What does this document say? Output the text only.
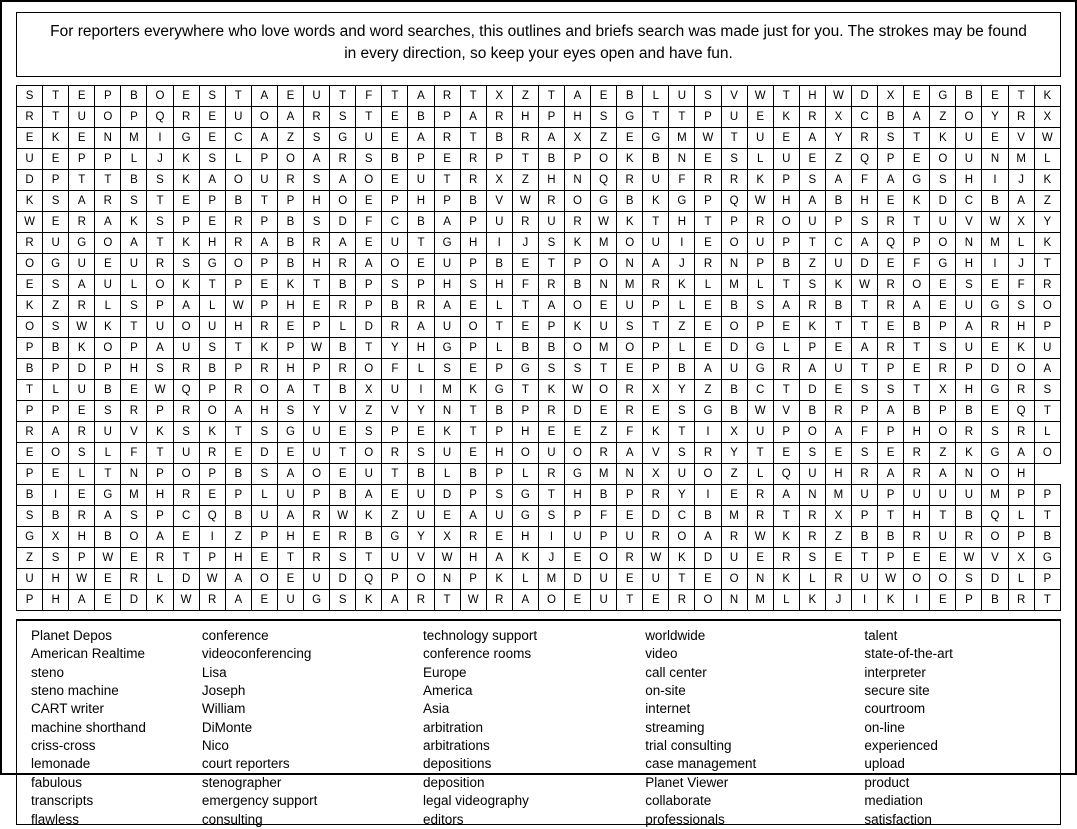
For reporters everywhere who love words and word searches, this outlines and briefs search was made just for you. The strokes may be found in every direction, so keep your eyes open and have fun.
S	T	E	P	B	O	E	S	T	A	E	U	T	F	T	A	R	T	X	Z	T	A	E	B	L	U	S	V	W	T	H	W	D	X	E	G	B	E	T	K
R	T	U	O	P	Q	R	E	U	O	A	R	S	T	E	B	P	A	R	H	P	H	S	G	T	T	P	U	E	K	R	X	C	B	A	Z	O	Y	R	X
E	K	E	N	M	I	G	E	C	A	Z	S	G	U	E	A	R	T	B	R	A	X	Z	E	G	M	W	T	U	E	A	Y	R	S	T	K	U	E	V	W
U	E	P	P	L	J	K	S	L	P	O	A	R	S	B	P	E	R	P	T	B	P	O	K	B	N	E	S	L	U	E	Z	Q	P	E	O	U	N	M	L
D	P	T	T	B	S	K	A	O	U	R	S	A	O	E	U	T	R	X	Z	H	N	Q	R	U	F	R	R	K	P	S	A	F	A	G	S	H	I	J	K
K	S	A	R	S	T	E	P	B	T	P	H	O	E	P	H	P	B	V	W	R	O	G	B	K	G	P	Q	W	H	A	B	H	E	K	D	C	B	A	Z
W	E	R	A	K	S	P	E	R	P	B	S	D	F	C	B	A	P	U	R	U	R	W	K	T	H	T	P	R	O	U	P	S	R	T	U	V	W	X	Y
R	U	G	O	A	T	K	H	R	A	B	R	A	E	U	T	G	H	I	J	S	K	M	O	U	I	E	O	U	P	T	C	A	Q	P	O	N	M	L	K
O	G	U	E	U	R	S	G	O	P	B	H	R	A	O	E	U	P	B	E	T	P	O	N	A	J	R	N	P	B	Z	U	D	E	F	G	H	I	J	T
E	S	A	U	L	O	K	T	P	E	K	T	B	P	S	P	H	S	H	F	R	B	N	M	R	K	L	M	L	T	S	K	W	R	O	E	S	E	F	R
K	Z	R	L	S	P	A	L	W	P	H	E	R	P	B	R	A	E	L	T	A	O	E	U	P	L	E	B	S	A	R	B	T	R	A	E	U	G	S	O
O	S	W	K	T	U	O	U	H	R	E	P	L	D	R	A	U	O	T	E	P	K	U	S	T	Z	E	O	P	E	K	T	T	E	B	P	A	R	H	P
P	B	K	O	P	A	U	S	T	K	P	W	B	T	Y	H	G	P	L	B	B	O	M	O	P	L	E	D	G	L	P	E	A	R	T	S	U	E	K	U
B	P	D	P	H	S	R	B	P	R	H	P	R	O	F	L	S	E	P	G	S	S	T	E	P	B	A	U	G	R	A	U	T	P	E	R	P	D	O	A
T	L	U	B	E	W	Q	P	R	O	A	T	B	X	U	I	M	K	G	T	K	W	O	R	X	Y	Z	B	C	T	D	E	S	S	T	X	H	G	R	S
P	P	E	S	R	P	R	O	A	H	S	Y	V	Z	V	Y	N	T	B	P	R	D	E	R	E	S	G	B	W	V	B	R	P	A	B	P	B	E	Q	T
R	A	R	U	V	K	S	K	T	S	G	U	E	S	P	E	K	T	P	H	E	E	Z	F	K	T	I	X	U	P	O	A	F	P	H	O	R	S	R	L
E	O	S	L	F	T	U	R	E	D	E	U	T	O	R	S	U	E	H	O	U	O	R	A	V	S	R	Y	T	E	S	E	S	E	R	Z	K	G	A	O
P	E	L	T	N	P	O	P	B	S	A	O	E	U	T	B	L	B	P	L	R	G	M	N	X	U	O	Z	L	Q	U	H	R	A	R	A	N	O	H	
B	I	E	G	M	H	R	E	P	L	U	P	B	A	E	U	D	P	S	G	T	H	B	P	R	Y	I	E	R	A	N	M	U	P	U	U	U	M	P	P
S	B	R	A	S	P	C	Q	B	U	A	R	W	K	Z	U	E	A	U	G	S	P	F	E	D	C	B	M	R	T	R	X	P	T	H	T	B	Q	L	T
G	X	H	B	O	A	E	I	Z	P	H	E	R	B	G	Y	X	R	E	H	I	U	P	U	R	O	A	R	W	K	R	Z	B	B	R	U	R	O	P	B
Z	S	P	W	E	R	T	P	H	E	T	R	S	T	U	V	W	H	A	K	J	E	O	R	W	K	D	U	E	R	S	E	T	P	E	E	W	V	X	G
U	H	W	E	R	L	D	W	A	O	E	U	D	Q	P	O	N	P	K	L	M	D	U	E	U	T	E	O	N	K	L	R	U	W	O	O	S	D	L	P
P	H	A	E	D	K	W	R	A	E	U	G	S	K	A	R	T	W	R	A	O	E	U	T	E	R	O	N	M	L	K	J	I	K	I	E	P	B	R	T
Planet Depos
American Realtime
steno
steno machine
CART writer
machine shorthand
criss-cross
lemonade
fabulous
transcripts
flawless
conference
videoconferencing
Lisa
Joseph
William
DiMonte
Nico
court reporters
stenographer
emergency support
consulting
technology support
conference rooms
Europe
America
Asia
arbitration
arbitrations
depositions
deposition
legal videography
editors
worldwide
video
call center
on-site
internet
streaming
trial consulting
case management
Planet Viewer
collaborate
professionals
talent
state-of-the-art
interpreter
secure site
courtroom
on-line
experienced
upload
product
mediation
satisfaction
